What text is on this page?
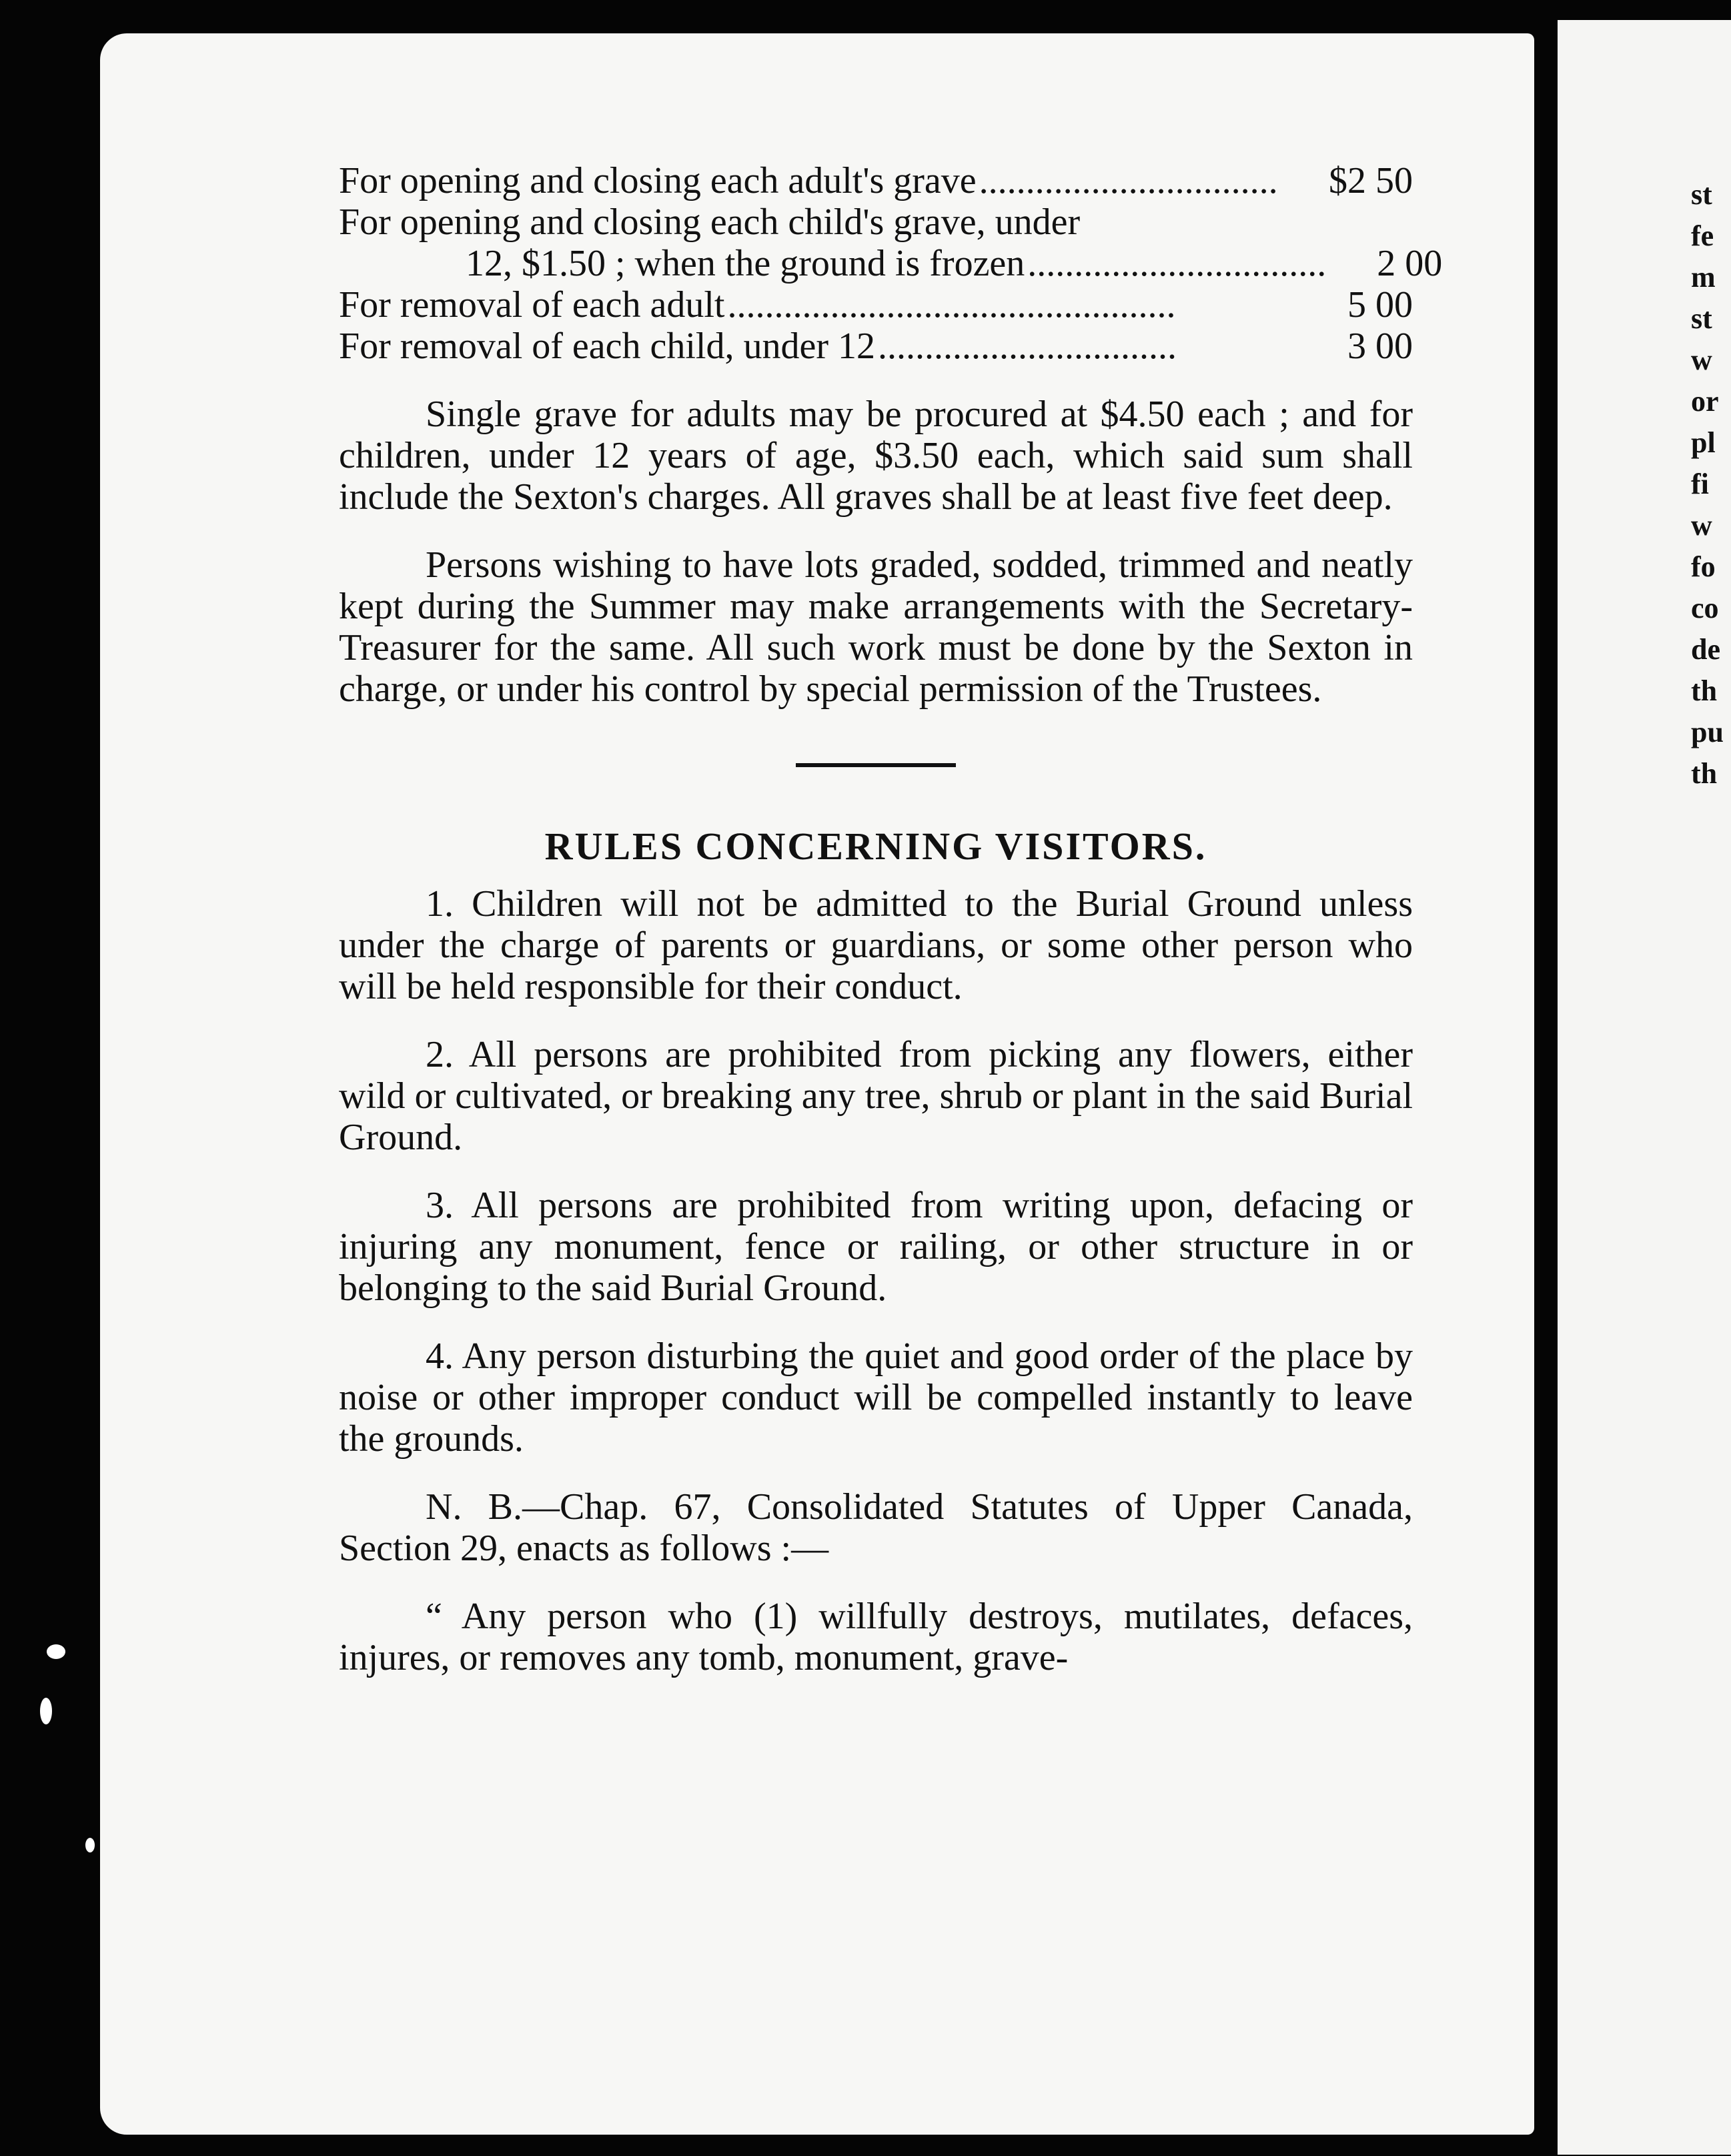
st
fe
m
st
w
or
pl
fi
w
fo
co
de
th
pu
th
For opening and closing each adult's grave ................................	$2 50
For opening and closing each child's grave, under
12, $1.50 ; when the ground is frozen ................................	2 00
For removal of each adult ................................................	5 00
For removal of each child, under 12 ................................	3 00

Single grave for adults may be procured at $4.50 each ; and for children, under 12 years of age, $3.50 each, which said sum shall include the Sexton's charges. All graves shall be at least five feet deep.

Persons wishing to have lots graded, sodded, trimmed and neatly kept during the Summer may make arrangements with the Secretary-Treasurer for the same. All such work must be done by the Sexton in charge, or under his control by special permission of the Trustees.

RULES CONCERNING VISITORS.

1. Children will not be admitted to the Burial Ground unless under the charge of parents or guardians, or some other person who will be held responsible for their conduct.

2. All persons are prohibited from picking any flowers, either wild or cultivated, or breaking any tree, shrub or plant in the said Burial Ground.

3. All persons are prohibited from writing upon, defacing or injuring any monument, fence or railing, or other structure in or belonging to the said Burial Ground.

4. Any person disturbing the quiet and good order of the place by noise or other improper conduct will be compelled instantly to leave the grounds.

N. B.—Chap. 67, Consolidated Statutes of Upper Canada, Section 29, enacts as follows :—

“ Any person who (1) willfully destroys, mutilates, defaces, injures, or removes any tomb, monument, grave-
